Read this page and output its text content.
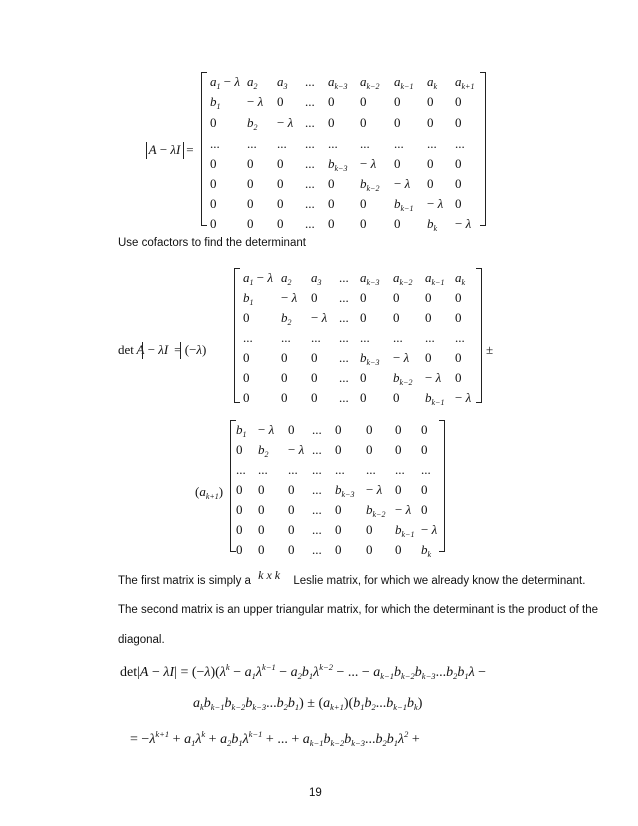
 A − λI  =
$a_1 - \lambda$ $a_2$ $a_3$ ... $a_{k-3}$ $a_{k-2}$ $a_{k-1}$ $a_k$ $a_{k+1}$
$b_1 - \lambda$ 0 ... 0 0 0 0 0
0 $b_2 - \lambda$ ... 0 0 0 0 0
... ... ... ... ... ... ... ... ...
0 0 0 ... $b_{k-3} - \lambda$ 0 0 0
0 0 0 ... 0 $b_{k-2} - \lambda$ 0 0
0 0 0 ... 0 0 $b_{k-1} - \lambda$ 0
0 0 0 ... 0 0 0 $b_k - \lambda$
Use cofactors to find the determinant
det  A − λI  = (−λ)	±
$a_1 - \lambda$ $a_2$ $a_3$ ... $a_{k-3}$ $a_{k-2}$ $a_{k-1}$ $a_k$
$b_1 - \lambda$ 0 ... 0 0 0 0
0 $b_2 - \lambda$ ... 0 0 0 0
... ... ... ... ... ... ... ...
0 0 0 ... $b_{k-3} - \lambda$ 0 0
0 0 0 ... 0 $b_{k-2} - \lambda$ 0
0 0 0 ... 0 0 $b_{k-1} - \lambda$
$(a_{k+1})$
$b_1 - \lambda$ 0 ... 0 0 0 0
0 $b_2 - \lambda$ ... 0 0 0 0
... ... ... ... ... ... ... ...
0 0 0 ... $b_{k-3} - \lambda$ 0 0
0 0 0 ... 0 $b_{k-2} - \lambda$ 0
0 0 0 ... 0 0 $b_{k-1} - \lambda$
0 0 0 ... 0 0 0 $b_k$
The first matrix is simply a k x k Leslie matrix, for which we already know the determinant.
The second matrix is an upper triangular matrix, for which the determinant is the product of the
diagonal.
$\det|A - \lambda I| = (-\lambda)(\lambda^k - a_1\lambda^{k-1} - a_2b_1\lambda^{k-2}$ − ... − $a_{k-1}b_{k-2}b_{k-3}...b_2b_1\lambda$ −
$a_kb_{k-1}b_{k-2}b_{k-3}...b_2b_1) \pm (a_{k+1})(b_1b_2...b_{k-1}b_k)$
= $-\lambda^{k+1} + a_1\lambda^k + a_2b_1\lambda^{k-1}$ + ... + $a_{k-1}b_{k-2}b_{k-3}...b_2b_1\lambda^2$ +
19
